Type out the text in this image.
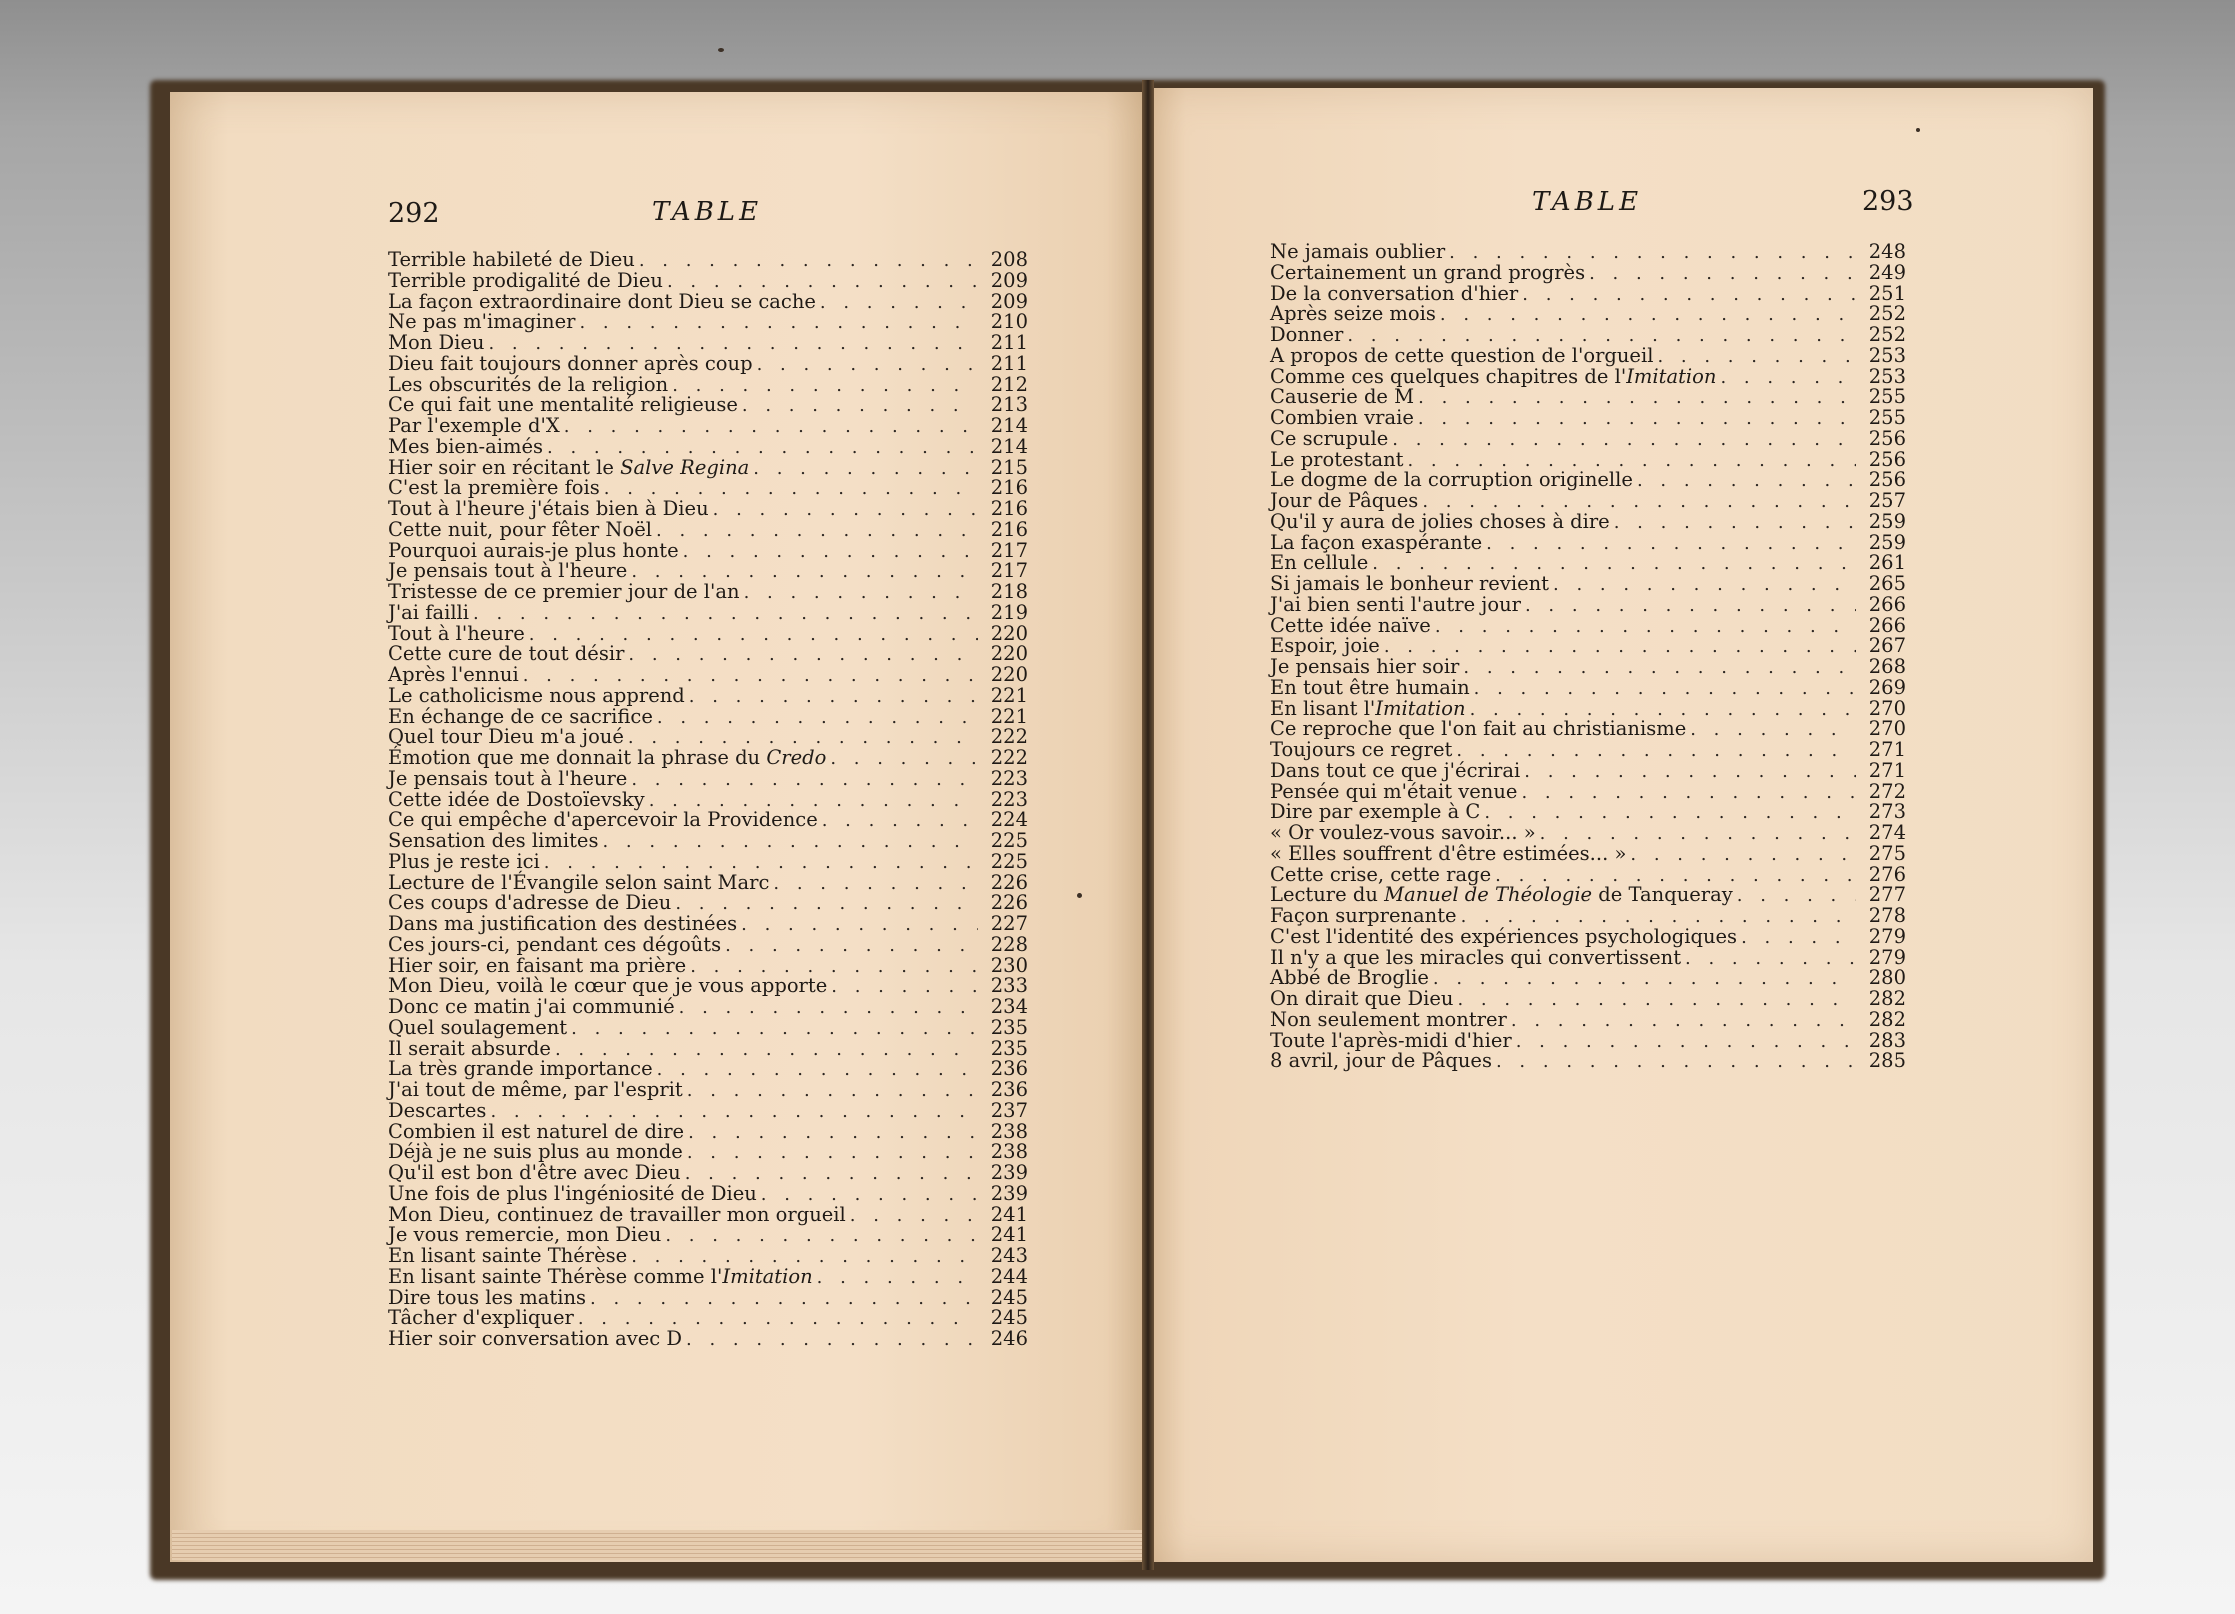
292	TABLE	TABLE	293
Terrible habileté de Dieu . . .	208
Terrible prodigalité de Dieu . . .	209
La façon extraordinaire dont Dieu se cache . . .	209
Ne pas m'imaginer . . .	210
Mon Dieu . . .	211
Dieu fait toujours donner après coup . . .	211
Les obscurités de la religion . . .	212
Ce qui fait une mentalité religieuse . . .	213
Par l'exemple d'X . . .	214
Mes bien-aimés . . .	214
Hier soir en récitant le Salve Regina . . .	215
C'est la première fois . . .	216
Tout à l'heure j'étais bien à Dieu . . .	216
Cette nuit, pour fêter Noël . . .	216
Pourquoi aurais-je plus honte . . .	217
Je pensais tout à l'heure . . .	217
Tristesse de ce premier jour de l'an . . .	218
J'ai failli . . .	219
Tout à l'heure . . .	220
Cette cure de tout désir . . .	220
Après l'ennui . . .	220
Le catholicisme nous apprend . . .	221
En échange de ce sacrifice . . .	221
Quel tour Dieu m'a joué . . .	222
Émotion que me donnait la phrase du Credo . . .	222
Je pensais tout à l'heure . . .	223
Cette idée de Dostoïevsky . . .	223
Ce qui empêche d'apercevoir la Providence . . .	224
Sensation des limites . . .	225
Plus je reste ici . . .	225
Lecture de l'Évangile selon saint Marc . . .	226
Ces coups d'adresse de Dieu . . .	226
Dans ma justification des destinées . . .	227
Ces jours-ci, pendant ces dégoûts . . .	228
Hier soir, en faisant ma prière . . .	230
Mon Dieu, voilà le cœur que je vous apporte . . .	233
Donc ce matin j'ai communié . . .	234
Quel soulagement . . .	235
Il serait absurde . . .	235
La très grande importance . . .	236
J'ai tout de même, par l'esprit . . .	236
Descartes . . .	237
Combien il est naturel de dire . . .	238
Déjà je ne suis plus au monde . . .	238
Qu'il est bon d'être avec Dieu . . .	239
Une fois de plus l'ingéniosité de Dieu . . .	239
Mon Dieu, continuez de travailler mon orgueil . . .	241
Je vous remercie, mon Dieu . . .	241
En lisant sainte Thérèse . . .	243
En lisant sainte Thérèse comme l'Imitation . . .	244
Dire tous les matins . . .	245
Tâcher d'expliquer . . .	245
Hier soir conversation avec D . . .	246
Ne jamais oublier . . .	248
Certainement un grand progrès . . .	249
De la conversation d'hier . . .	251
Après seize mois . . .	252
Donner . . .	252
A propos de cette question de l'orgueil . . .	253
Comme ces quelques chapitres de l'Imitation . . .	253
Causerie de M . . .	255
Combien vraie . . .	255
Ce scrupule . . .	256
Le protestant . . .	256
Le dogme de la corruption originelle . . .	256
Jour de Pâques . . .	257
Qu'il y aura de jolies choses à dire . . .	259
La façon exaspérante . . .	259
En cellule . . .	261
Si jamais le bonheur revient . . .	265
J'ai bien senti l'autre jour . . .	266
Cette idée naïve . . .	266
Espoir, joie . . .	267
Je pensais hier soir . . .	268
En tout être humain . . .	269
En lisant l'Imitation . . .	270
Ce reproche que l'on fait au christianisme . . .	270
Toujours ce regret . . .	271
Dans tout ce que j'écrirai . . .	271
Pensée qui m'était venue . . .	272
Dire par exemple à C . . .	273
« Or voulez-vous savoir... » . . .	274
« Elles souffrent d'être estimées... » . . .	275
Cette crise, cette rage . . .	276
Lecture du Manuel de Théologie de Tanqueray . . .	277
Façon surprenante . . .	278
C'est l'identité des expériences psychologiques . . .	279
Il n'y a que les miracles qui convertissent . . .	279
Abbé de Broglie . . .	280
On dirait que Dieu . . .	282
Non seulement montrer . . .	282
Toute l'après-midi d'hier . . .	283
8 avril, jour de Pâques . . .	285
